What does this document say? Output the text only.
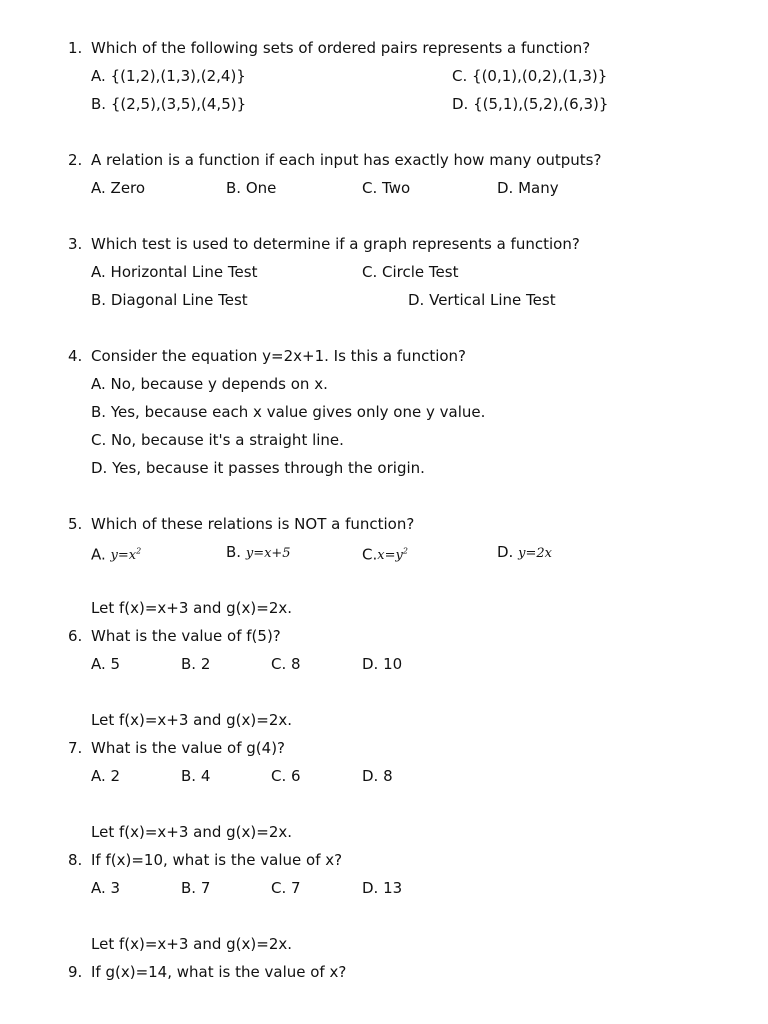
1. Which of the following sets of ordered pairs represents a function?
A. {(1,2),(1,3),(2,4)}	C. {(0,1),(0,2),(1,3)}
B. {(2,5),(3,5),(4,5)}	D. {(5,1),(5,2),(6,3)}
2. A relation is a function if each input has exactly how many outputs?
A. Zero	B. One	C. Two	D. Many
3. Which test is used to determine if a graph represents a function?
A. Horizontal Line Test	C. Circle Test
B. Diagonal Line Test	D. Vertical Line Test
4. Consider the equation y=2x+1. Is this a function?
A. No, because y depends on x.
B. Yes, because each x value gives only one y value.
C. No, because it's a straight line.
D. Yes, because it passes through the origin.
5. Which of these relations is NOT a function?
A. $y=x^2$	B. y=x+5	$C.x=y^2$	D. y=2x
Let f(x)=x+3 and g(x)=2x.
6. What is the value of f(5)?
A. 5	B. 2	C. 8	D. 10
Let f(x)=x+3 and g(x)=2x.
7. What is the value of g(4)?
A. 2	B. 4	C. 6	D. 8
Let f(x)=x+3 and g(x)=2x.
8. If f(x)=10, what is the value of x?
A. 3	B. 7	C. 7	D. 13
Let f(x)=x+3 and g(x)=2x.
9. If g(x)=14, what is the value of x?
